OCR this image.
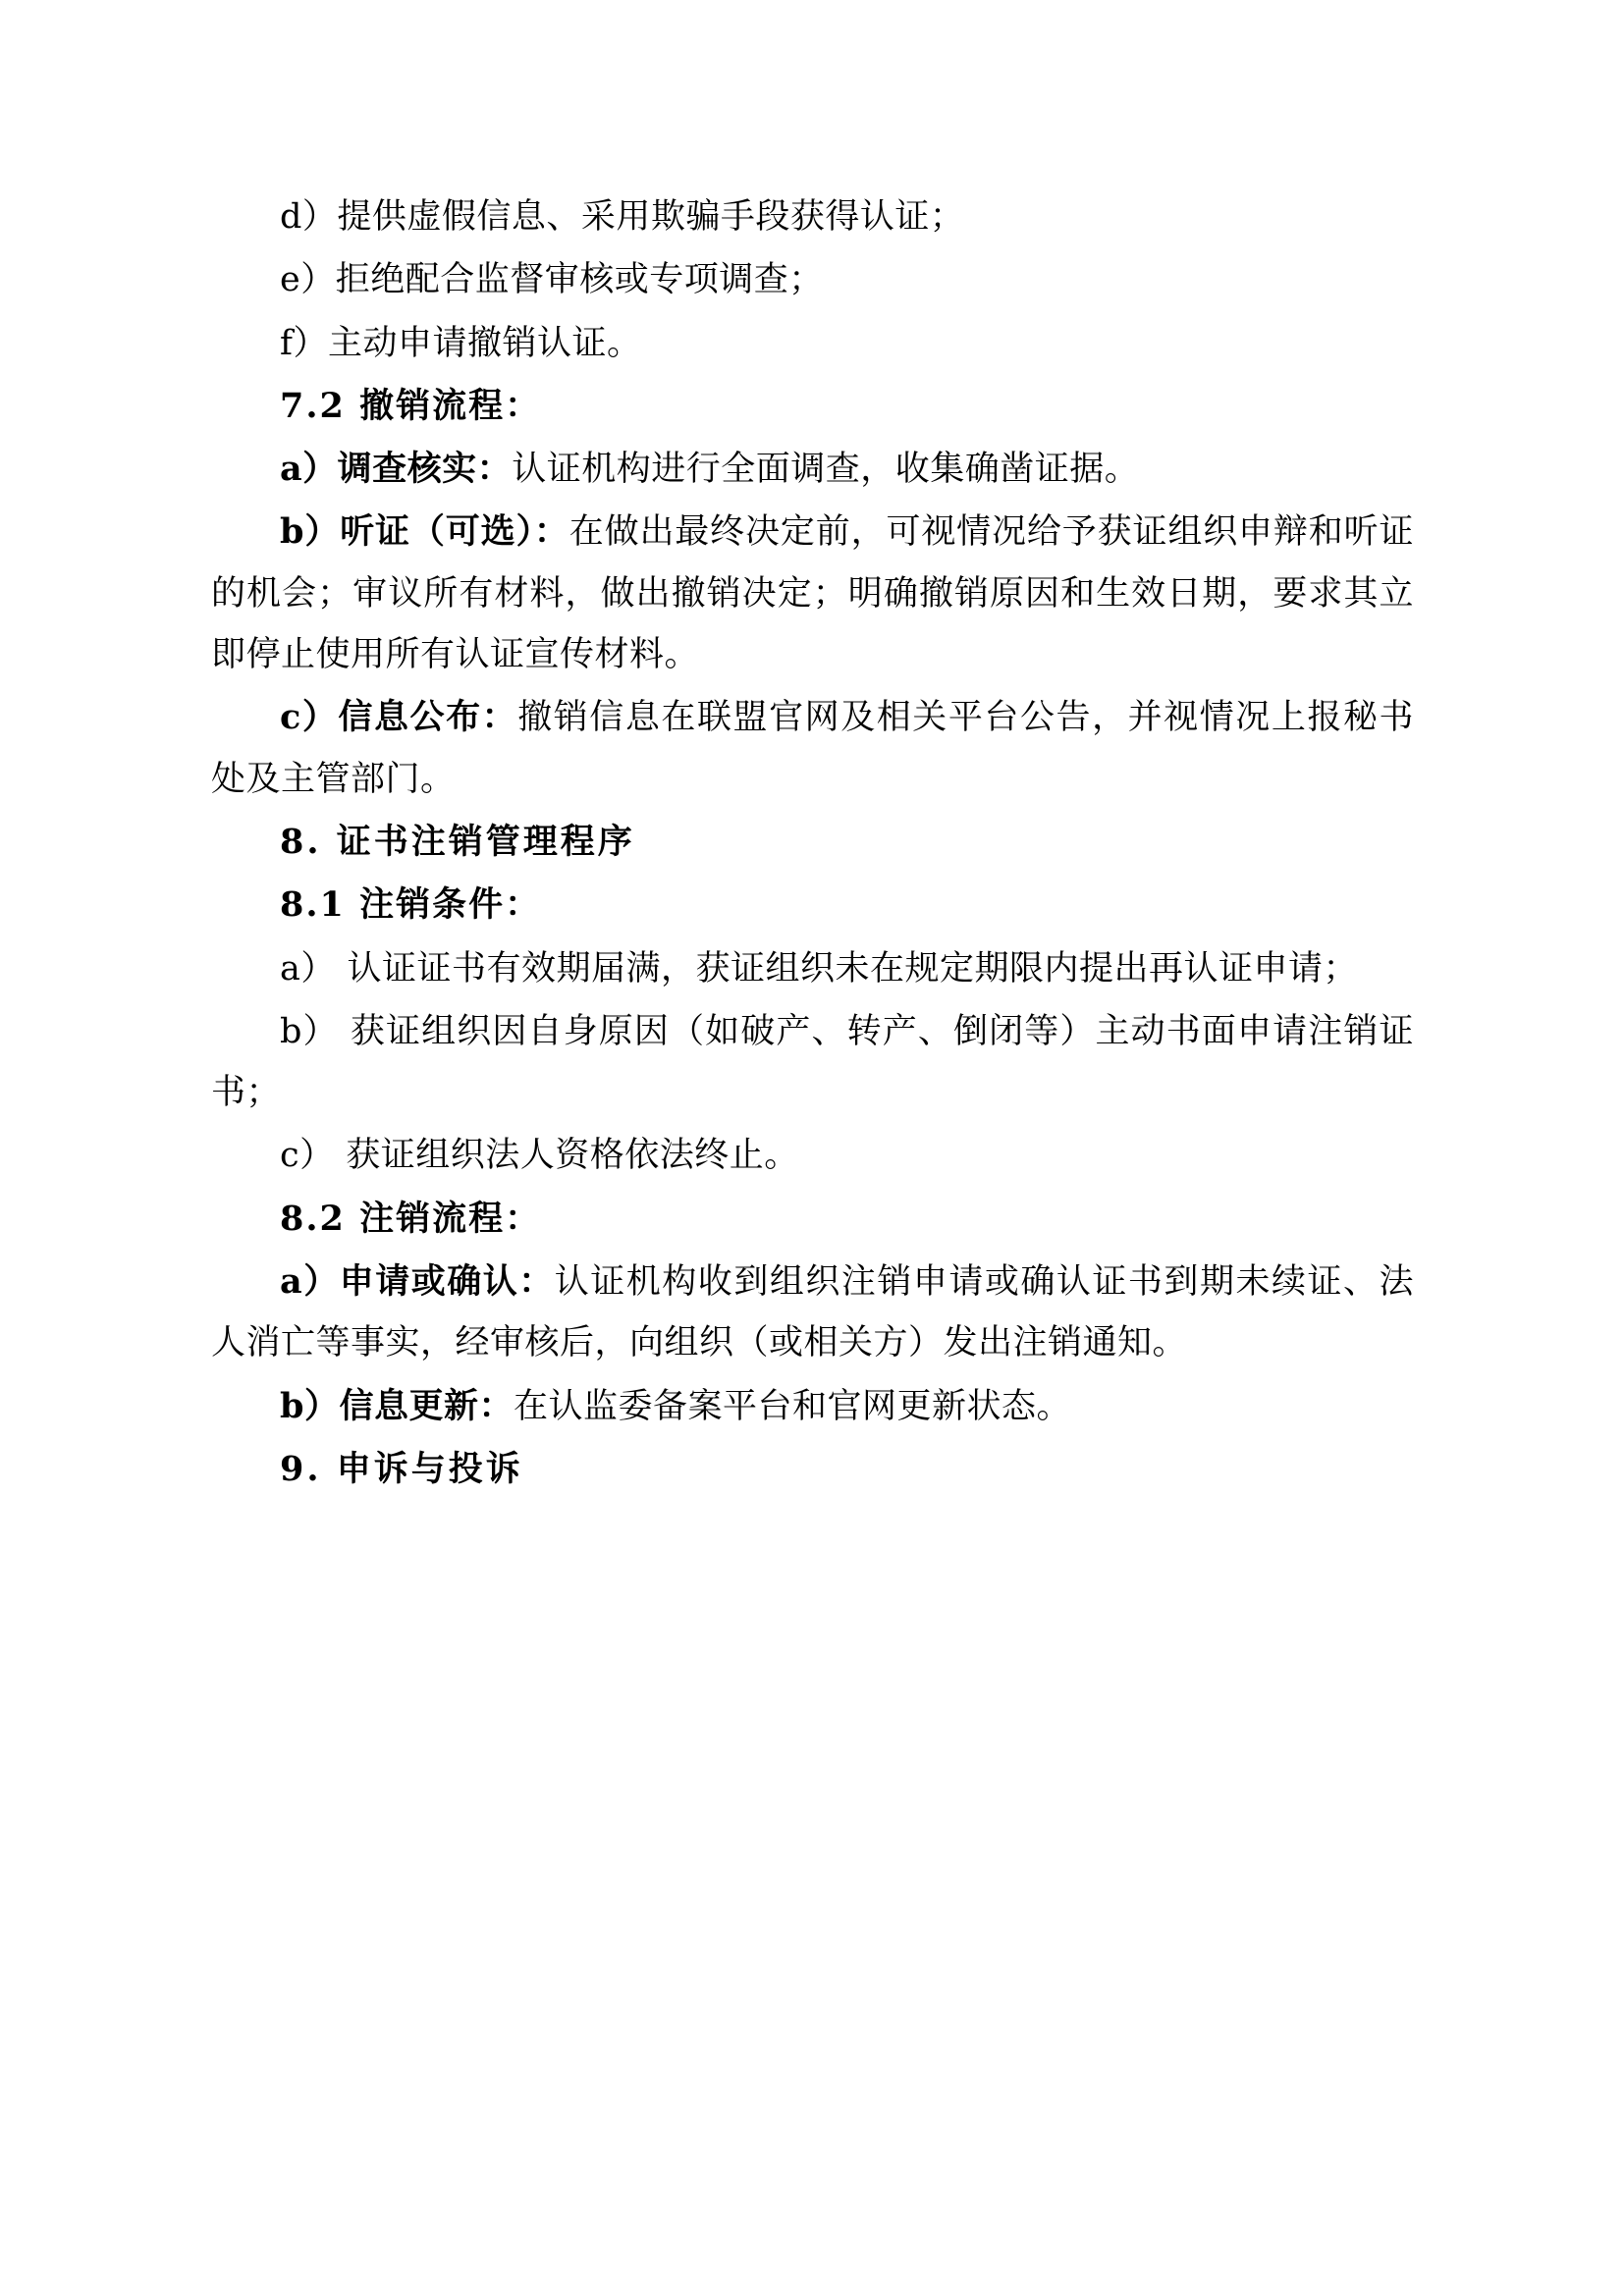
d）提供虚假信息、采用欺骗手段获得认证；

e）拒绝配合监督审核或专项调查；

f）主动申请撤销认证。

7.2 撤销流程：

a）调查核实：认证机构进行全面调查，收集确凿证据。

b）听证（可选）：在做出最终决定前，可视情况给予获证组织申辩和听证的机会；审议所有材料，做出撤销决定；明确撤销原因和生效日期，要求其立即停止使用所有认证宣传材料。

c）信息公布：撤销信息在联盟官网及相关平台公告，并视情况上报秘书处及主管部门。

8. 证书注销管理程序

8.1 注销条件：

a） 认证证书有效期届满，获证组织未在规定期限内提出再认证申请；

b） 获证组织因自身原因（如破产、转产、倒闭等）主动书面申请注销证书；

c） 获证组织法人资格依法终止。

8.2 注销流程：

a）申请或确认：认证机构收到组织注销申请或确认证书到期未续证、法人消亡等事实，经审核后，向组织（或相关方）发出注销通知。

b）信息更新：在认监委备案平台和官网更新状态。

9. 申诉与投诉
